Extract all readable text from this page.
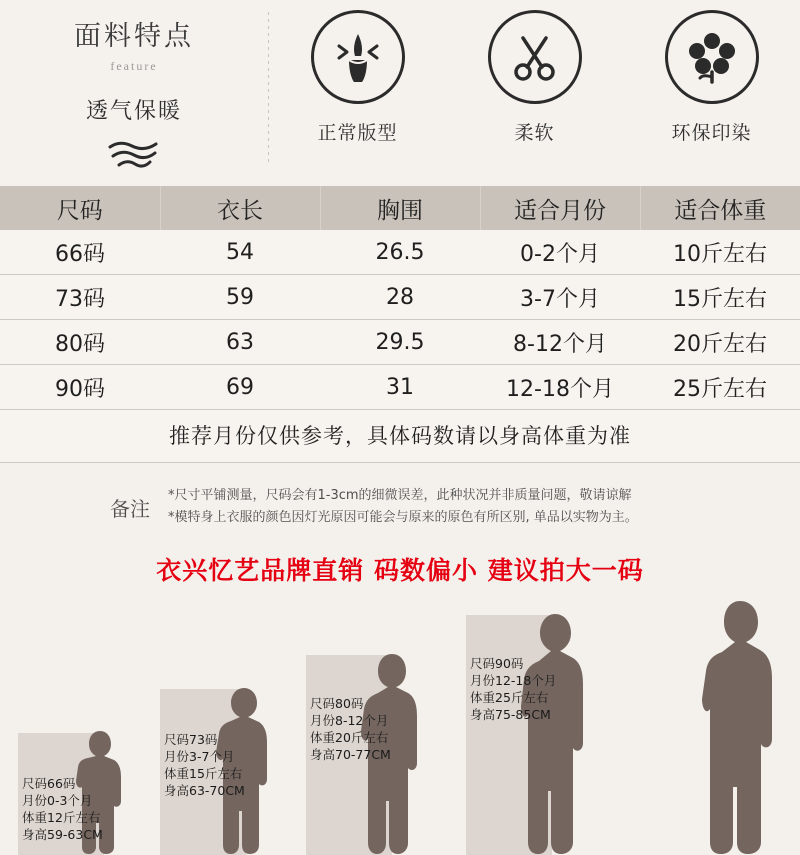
面料特点
feature
透气保暖
正常版型	柔软	环保印染
尺码	衣长	胸围	适合月份	适合体重
66码	54	26.5	0-2个月	10斤左右
73码	59	28	3-7个月	15斤左右
80码	63	29.5	8-12个月	20斤左右
90码	69	31	12-18个月	25斤左右
推荐月份仅供参考，具体码数请以身高体重为准				
备注
*尺寸平铺测量，尺码会有1-3cm的细微误差，此种状况并非质量问题，敬请谅解
*模特身上衣服的颜色因灯光原因可能会与原来的原色有所区别, 单品以实物为主。
衣兴忆艺品牌直销 码数偏小 建议拍大一码
尺码66码
月份0-3个月
体重12斤左右
身高59-63CM
尺码73码
月份3-7个月
体重15斤左右
身高63-70CM
尺码80码
月份8-12个月
体重20斤左右
身高70-77CM
尺码90码
月份12-18个月
体重25斤左右
身高75-85CM
